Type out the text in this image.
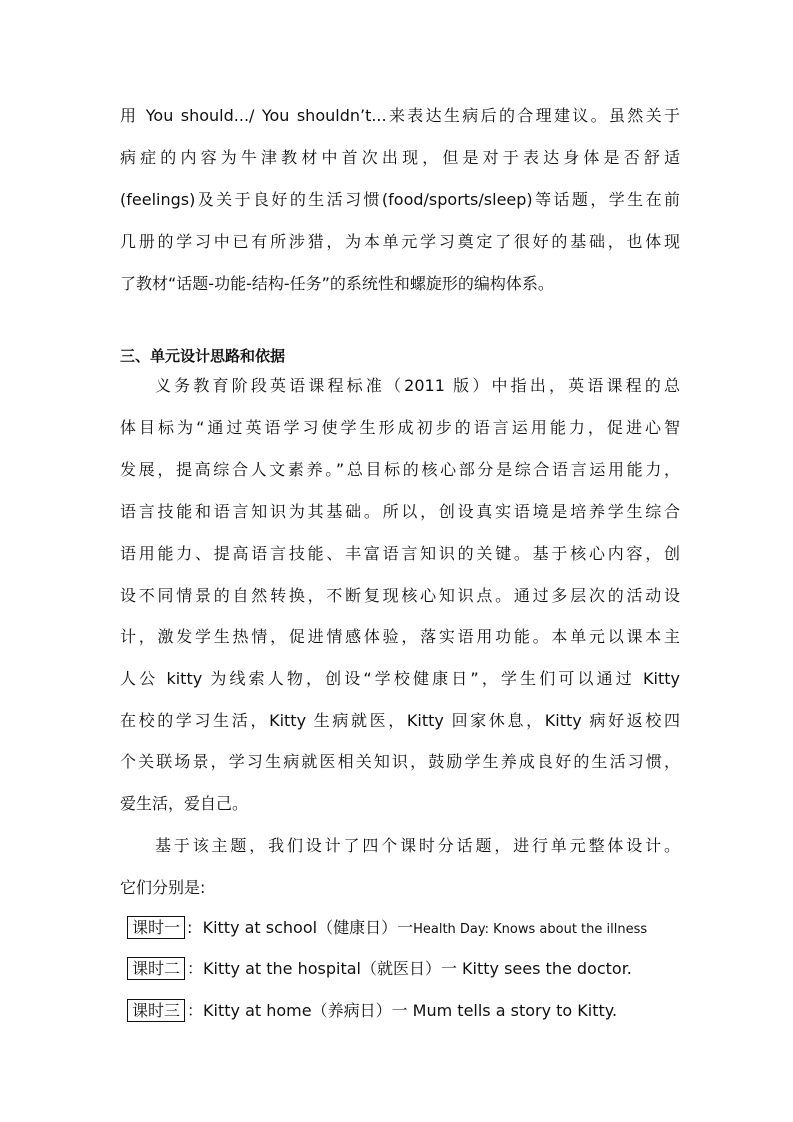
用 You should.../ You shouldn’t...来表达生病后的合理建议。虽然关于
病症的内容为牛津教材中首次出现，但是对于表达身体是否舒适
(feelings)及关于良好的生活习惯(food/sports/sleep)等话题，学生在前
几册的学习中已有所涉猎，为本单元学习奠定了很好的基础，也体现
了教材“话题-功能-结构-任务”的系统性和螺旋形的编构体系。
三、单元设计思路和依据
义务教育阶段英语课程标准（2011 版）中指出，英语课程的总
体目标为“通过英语学习使学生形成初步的语言运用能力，促进心智
发展，提高综合人文素养。”总目标的核心部分是综合语言运用能力，
语言技能和语言知识为其基础。所以，创设真实语境是培养学生综合
语用能力、提高语言技能、丰富语言知识的关键。基于核心内容，创
设不同情景的自然转换，不断复现核心知识点。通过多层次的活动设
计，激发学生热情，促进情感体验，落实语用功能。本单元以课本主
人公 kitty 为线索人物，创设“学校健康日”，学生们可以通过 Kitty
在校的学习生活，Kitty 生病就医，Kitty 回家休息，Kitty 病好返校四
个关联场景，学习生病就医相关知识，鼓励学生养成良好的生活习惯，
爱生活，爱自己。
基于该主题，我们设计了四个课时分话题，进行单元整体设计。
它们分别是:
课时一 : Kitty at school（健康日）一Health Day: Knows about the illness
课时二 ：Kitty at the hospital（就医日）一 Kitty sees the doctor.
课时三 ：Kitty at home（养病日）一 Mum tells a story to Kitty.
